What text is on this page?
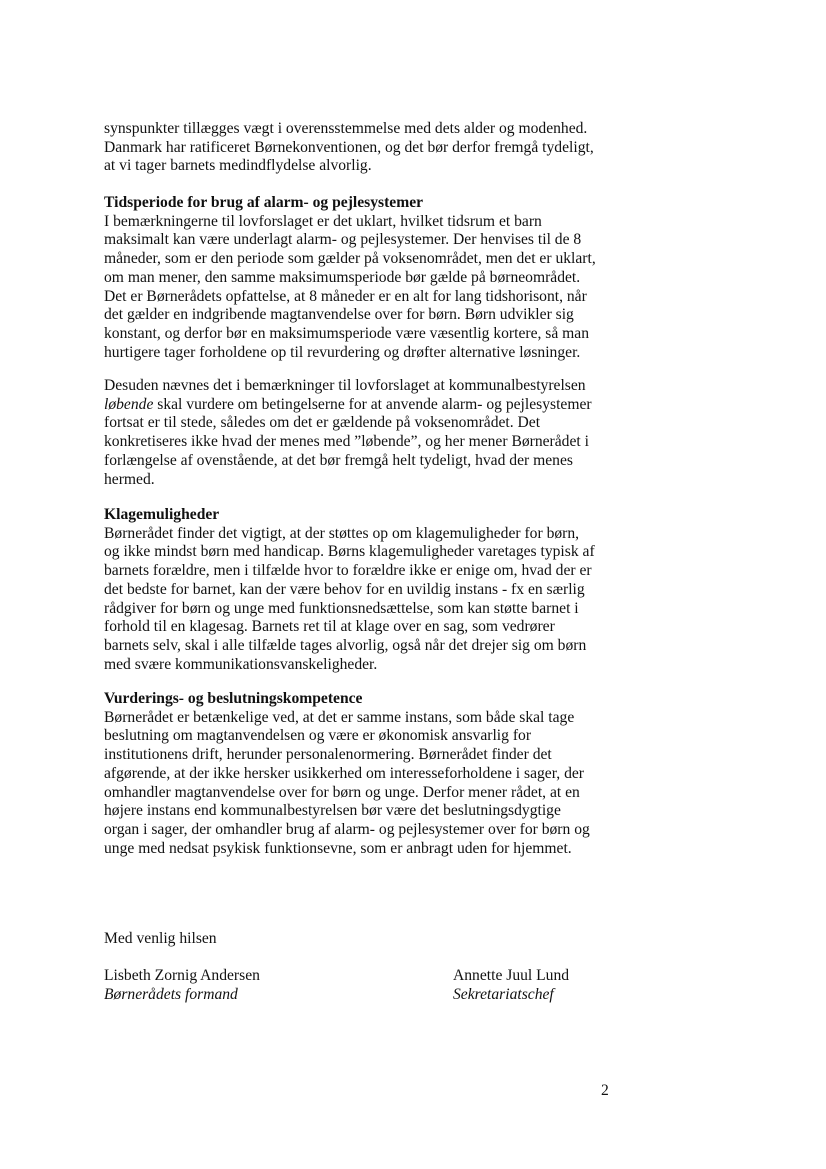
synspunkter tillægges vægt i overensstemmelse med dets alder og modenhed.
Danmark har ratificeret Børnekonventionen, og det bør derfor fremgå tydeligt,
at vi tager barnets medindflydelse alvorlig.
Tidsperiode for brug af alarm- og pejlesystemer
I bemærkningerne til lovforslaget er det uklart, hvilket tidsrum et barn
maksimalt kan være underlagt alarm- og pejlesystemer. Der henvises til de 8
måneder, som er den periode som gælder på voksenområdet, men det er uklart,
om man mener, den samme maksimumsperiode bør gælde på børneområdet.
Det er Børnerådets opfattelse, at 8 måneder er en alt for lang tidshorisont, når
det gælder en indgribende magtanvendelse over for børn. Børn udvikler sig
konstant, og derfor bør en maksimumsperiode være væsentlig kortere, så man
hurtigere tager forholdene op til revurdering og drøfter alternative løsninger.
Desuden nævnes det i bemærkninger til lovforslaget at kommunalbestyrelsen
løbende skal vurdere om betingelserne for at anvende alarm- og pejlesystemer
fortsat er til stede, således om det er gældende på voksenområdet. Det
konkretiseres ikke hvad der menes med ”løbende”, og her mener Børnerådet i
forlængelse af ovenstående, at det bør fremgå helt tydeligt, hvad der menes
hermed.
Klagemuligheder
Børnerådet finder det vigtigt, at der støttes op om klagemuligheder for børn,
og ikke mindst børn med handicap. Børns klagemuligheder varetages typisk af
barnets forældre, men i tilfælde hvor to forældre ikke er enige om, hvad der er
det bedste for barnet, kan der være behov for en uvildig instans - fx en særlig
rådgiver for børn og unge med funktionsnedsættelse, som kan støtte barnet i
forhold til en klagesag. Barnets ret til at klage over en sag, som vedrører
barnets selv, skal i alle tilfælde tages alvorlig, også når det drejer sig om børn
med svære kommunikationsvanskeligheder.
Vurderings- og beslutningskompetence
Børnerådet er betænkelige ved, at det er samme instans, som både skal tage
beslutning om magtanvendelsen og være er økonomisk ansvarlig for
institutionens drift, herunder personalenormering. Børnerådet finder det
afgørende, at der ikke hersker usikkerhed om interesseforholdene i sager, der
omhandler magtanvendelse over for børn og unge. Derfor mener rådet, at en
højere instans end kommunalbestyrelsen bør være det beslutningsdygtige
organ i sager, der omhandler brug af alarm- og pejlesystemer over for børn og
unge med nedsat psykisk funktionsevne, som er anbragt uden for hjemmet.
Med venlig hilsen
Lisbeth Zornig Andersen
Børnerådets formand
Annette Juul Lund
Sekretariatschef
2
